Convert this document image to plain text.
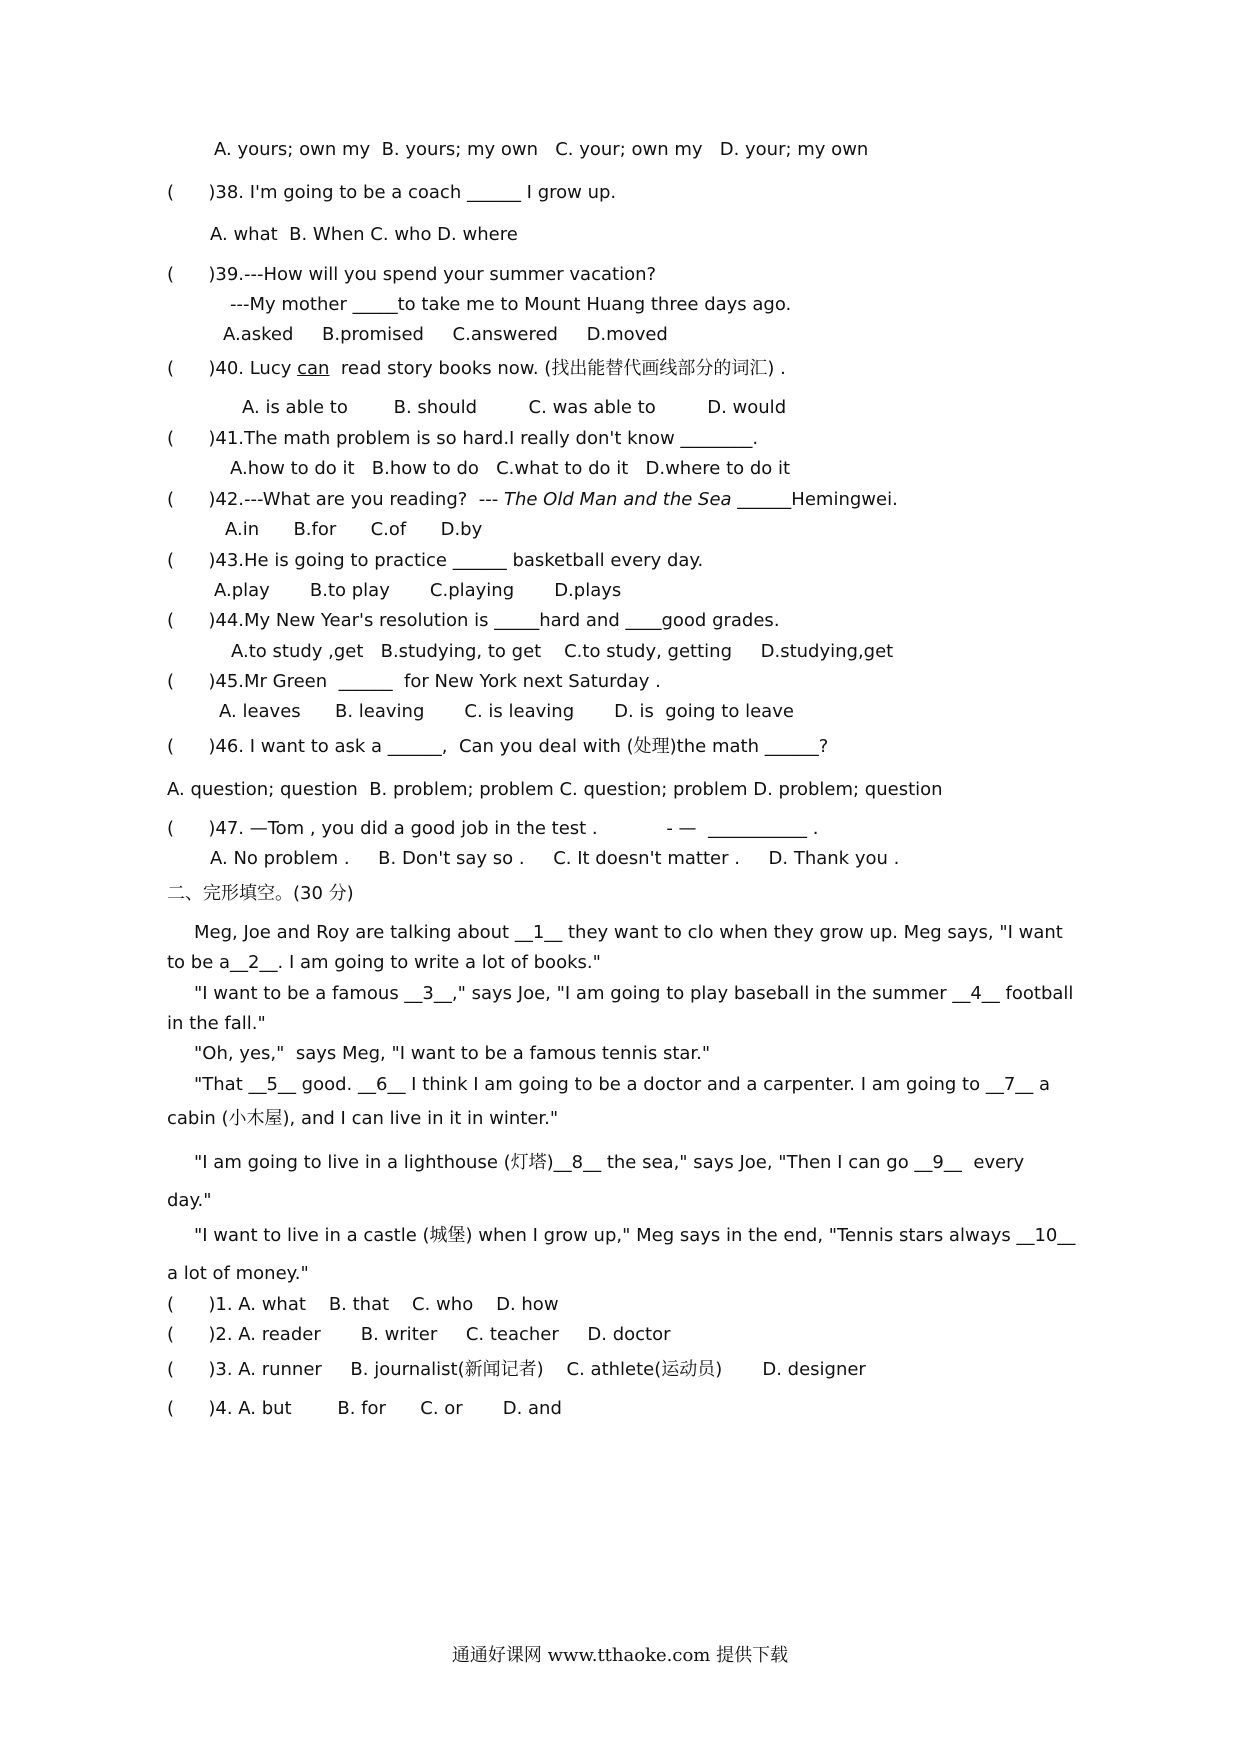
A. yours; own my  B. yours; my own   C. your; own my   D. your; my own
(      )38. I'm going to be a coach ______ I grow up.
A. what  B. When C. who D. where
(      )39.---How will you spend your summer vacation?
---My mother _____to take me to Mount Huang three days ago.
A.asked     B.promised     C.answered     D.moved
(      )40. Lucy can  read story books now. (找出能替代画线部分的词汇) .
A. is able to        B. should         C. was able to         D. would
(      )41.The math problem is so hard.I really don't know ________.
A.how to do it   B.how to do   C.what to do it   D.where to do it
(      )42.---What are you reading?  --- The Old Man and the Sea ______Hemingwei.
A.in      B.for      C.of      D.by
(      )43.He is going to practice ______ basketball every day.
A.play       B.to play       C.playing       D.plays
(      )44.My New Year's resolution is _____hard and ____good grades.
A.to study ,get   B.studying, to get    C.to study, getting     D.studying,get
(      )45.Mr Green  ______  for New York next Saturday .
A. leaves      B. leaving       C. is leaving       D. is  going to leave
(      )46. I want to ask a ______,  Can you deal with (处理)the math ______?
A. question; question  B. problem; problem C. question; problem D. problem; question
(      )47. —Tom , you did a good job in the test .            - —  ___________ .
A. No problem .     B. Don't say so .     C. It doesn't matter .     D. Thank you .
二、完形填空。(30 分)
Meg, Joe and Roy are talking about __1__ they want to clo when they grow up. Meg says, "I want
to be a__2__. I am going to write a lot of books."
"I want to be a famous __3__," says Joe, "I am going to play baseball in the summer __4__ football
in the fall."
"Oh, yes,"  says Meg, "I want to be a famous tennis star."
"That __5__ good. __6__ I think I am going to be a doctor and a carpenter. I am going to __7__ a
cabin (小木屋), and I can live in it in winter."
"I am going to live in a lighthouse (灯塔)__8__ the sea," says Joe, "Then I can go __9__  every
day."
"I want to live in a castle (城堡) when I grow up," Meg says in the end, "Tennis stars always __10__
a lot of money."
(      )1. A. what    B. that    C. who    D. how
(      )2. A. reader       B. writer     C. teacher     D. doctor
(      )3. A. runner     B. journalist(新闻记者)    C. athlete(运动员)       D. designer
(      )4. A. but        B. for      C. or       D. and
通通好课网 www.tthaoke.com 提供下载
